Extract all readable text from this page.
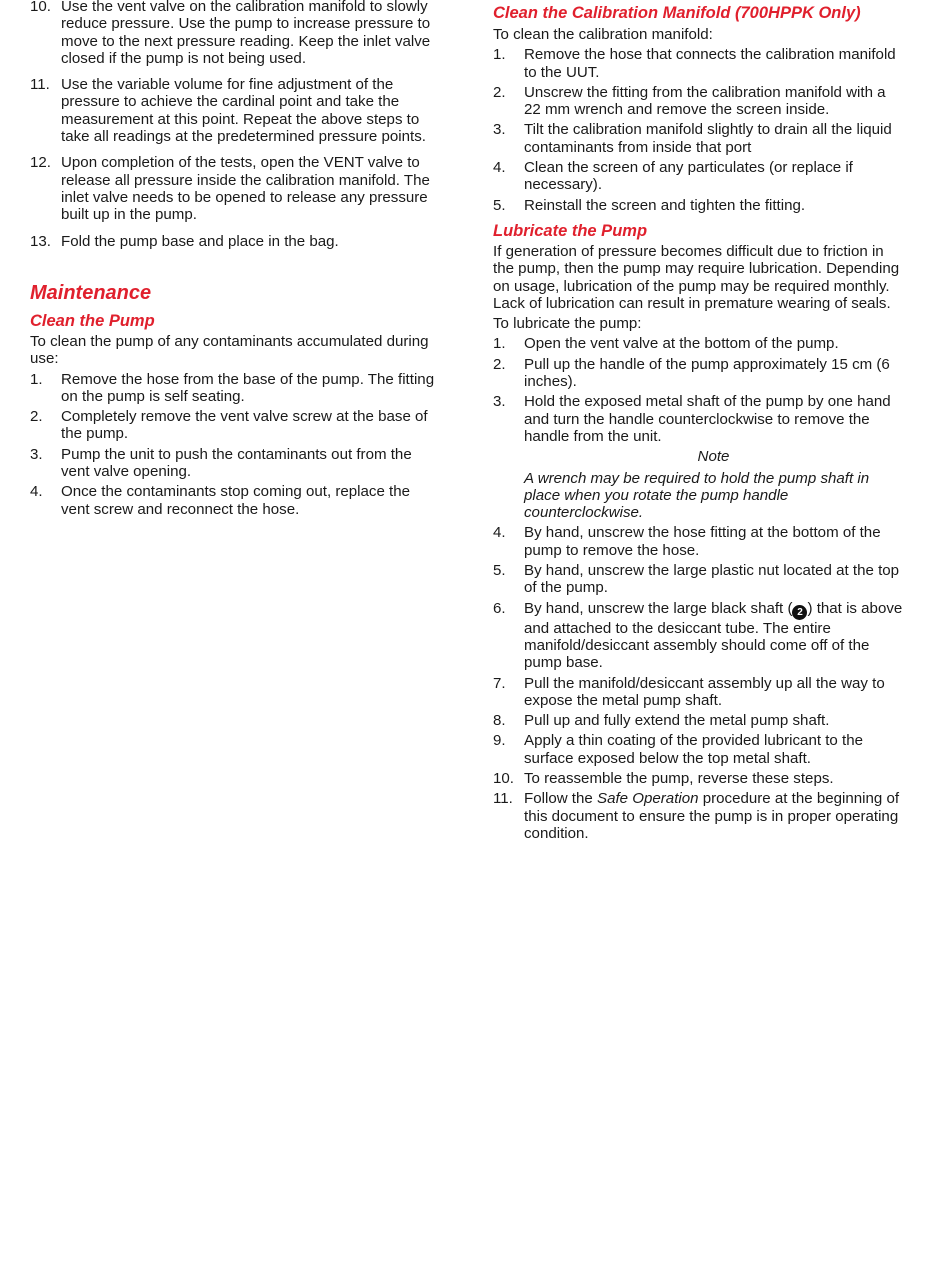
10. Use the vent valve on the calibration manifold to slowly reduce pressure. Use the pump to increase pressure to move to the next pressure reading. Keep the inlet valve closed if the pump is not being used.
11. Use the variable volume for fine adjustment of the pressure to achieve the cardinal point and take the measurement at this point. Repeat the above steps to take all readings at the predetermined pressure points.
12. Upon completion of the tests, open the VENT valve to release all pressure inside the calibration manifold. The inlet valve needs to be opened to release any pressure built up in the pump.
13. Fold the pump base and place in the bag.
Maintenance
Clean the Pump
To clean the pump of any contaminants accumulated during use:
1. Remove the hose from the base of the pump. The fitting on the pump is self seating.
2. Completely remove the vent valve screw at the base of the pump.
3. Pump the unit to push the contaminants out from the vent valve opening.
4. Once the contaminants stop coming out, replace the vent screw and reconnect the hose.
Clean the Calibration Manifold (700HPPK Only)
To clean the calibration manifold:
1. Remove the hose that connects the calibration manifold to the UUT.
2. Unscrew the fitting from the calibration manifold with a 22 mm wrench and remove the screen inside.
3. Tilt the calibration manifold slightly to drain all the liquid contaminants from inside that port
4. Clean the screen of any particulates (or replace if necessary).
5. Reinstall the screen and tighten the fitting.
Lubricate the Pump
If generation of pressure becomes difficult due to friction in the pump, then the pump may require lubrication. Depending on usage, lubrication of the pump may be required monthly. Lack of lubrication can result in premature wearing of seals.
To lubricate the pump:
1. Open the vent valve at the bottom of the pump.
2. Pull up the handle of the pump approximately 15 cm (6 inches).
3. Hold the exposed metal shaft of the pump by one hand and turn the handle counterclockwise to remove the handle from the unit.
Note
A wrench may be required to hold the pump shaft in place when you rotate the pump handle counterclockwise.
4. By hand, unscrew the hose fitting at the bottom of the pump to remove the hose.
5. By hand, unscrew the large plastic nut located at the top of the pump.
6. By hand, unscrew the large black shaft ( 2 ) that is above and attached to the desiccant tube. The entire manifold/desiccant assembly should come off of the pump base.
7. Pull the manifold/desiccant assembly up all the way to expose the metal pump shaft.
8. Pull up and fully extend the metal pump shaft.
9. Apply a thin coating of the provided lubricant to the surface exposed below the top metal shaft.
10. To reassemble the pump, reverse these steps.
11. Follow the Safe Operation procedure at the beginning of this document to ensure the pump is in proper operating condition.
